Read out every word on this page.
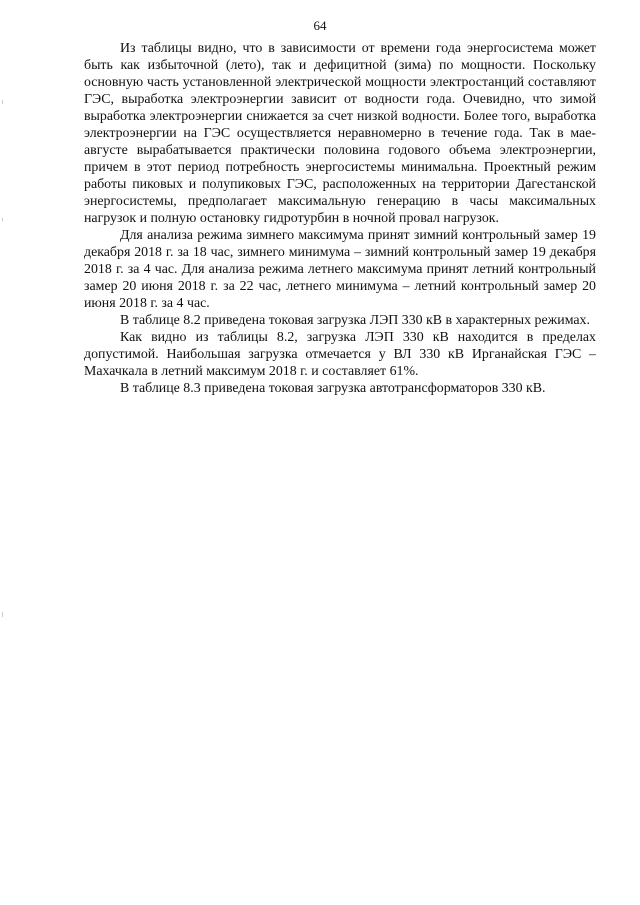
64

Из таблицы видно, что в зависимости от времени года энергосистема может быть как избыточной (лето), так и дефицитной (зима) по мощности. Поскольку основную часть установленной электрической мощности электростанций составляют ГЭС, выработка электроэнергии зависит от водности года. Очевидно, что зимой выработка электроэнергии снижается за счет низкой водности. Более того, выработка электроэнергии на ГЭС осуществляется неравномерно в течение года. Так в мае-августе вырабатывается практически половина годового объема электроэнергии, причем в этот период потребность энергосистемы минимальна. Проектный режим работы пиковых и полупиковых ГЭС, расположенных на территории Дагестанской энергосистемы, предполагает максимальную генерацию в часы максимальных нагрузок и полную остановку гидротурбин в ночной провал нагрузок.

Для анализа режима зимнего максимума принят зимний контрольный замер 19 декабря 2018 г. за 18 час, зимнего минимума – зимний контрольный замер 19 декабря 2018 г. за 4 час. Для анализа режима летнего максимума принят летний контрольный замер 20 июня 2018 г. за 22 час, летнего минимума – летний контрольный замер 20 июня 2018 г. за 4 час.

В таблице 8.2 приведена токовая загрузка ЛЭП 330 кВ в характерных режимах.

Как видно из таблицы 8.2, загрузка ЛЭП 330 кВ находится в пределах допустимой. Наибольшая загрузка отмечается у ВЛ 330 кВ Ирганайская ГЭС – Махачкала в летний максимум 2018 г. и составляет 61%.

В таблице 8.3 приведена токовая загрузка автотрансформаторов 330 кВ.
